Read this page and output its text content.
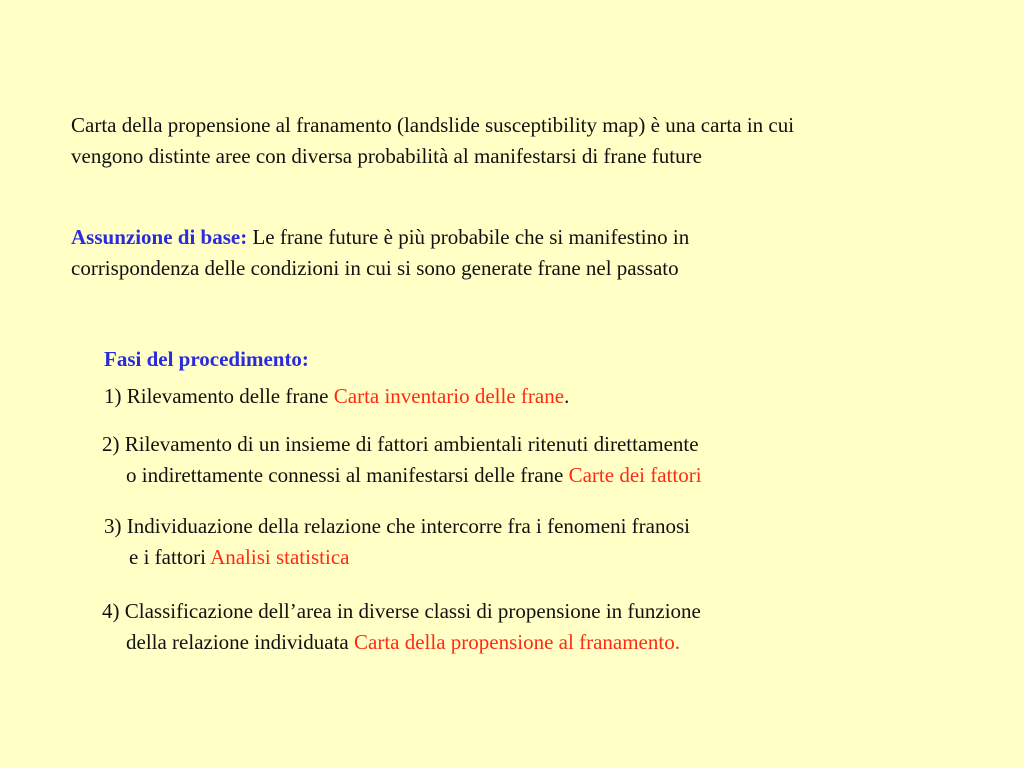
Carta della propensione al franamento (landslide susceptibility map) è una carta in cui
vengono distinte aree con diversa probabilità al manifestarsi di frane future
Assunzione di base: Le frane future è più probabile che si manifestino in
corrispondenza delle condizioni in cui si sono generate frane nel passato
Fasi del procedimento:
1) Rilevamento delle frane Carta inventario delle frane.
2) Rilevamento di un insieme di fattori ambientali ritenuti direttamente
o indirettamente connessi al manifestarsi delle frane Carte dei fattori
3) Individuazione della relazione che intercorre fra i fenomeni franosi
e i fattori Analisi statistica
4) Classificazione dell’area in diverse classi di propensione in funzione
della relazione individuata Carta della propensione al franamento.
